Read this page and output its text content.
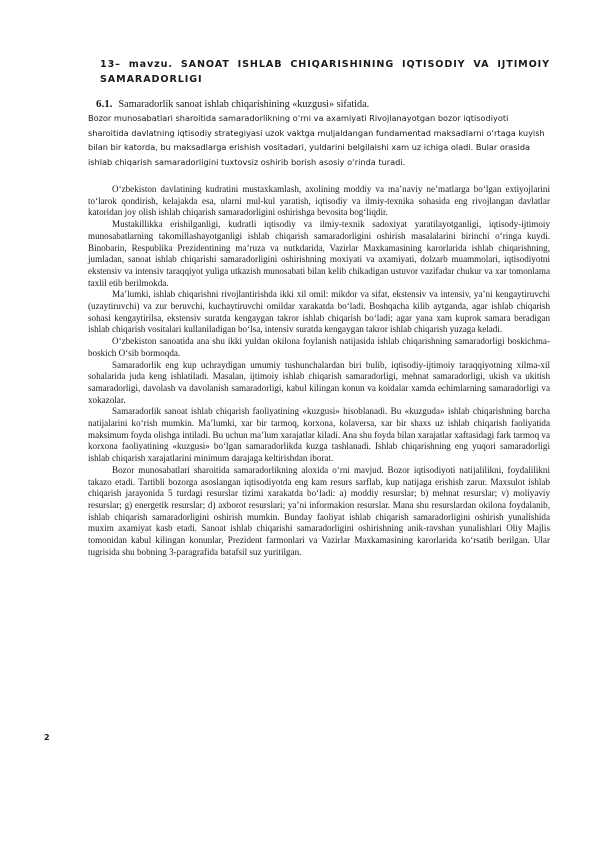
13– mavzu. SANOAT ISHLAB CHIQARISHINING IQTISODIY VA IJTIMOIY SAMARADORLIGI
6.1. Samaradorlik sanoat ishlab chiqarishining «kuzgusi» sifatida.
Bozor munosabatlari sharoitida samaradorlikning o‘rni va axamiyati Rivojlanayotgan bozor iqtisodiyoti sharoitida davlatning iqtisodiy strategiyasi uzok vaktga muljaldangan fundamentad maksadlarni o‘rtaga kuyish bilan bir katorda, bu maksadlarga erishish vositadari, yuldarini belgilaishi xam uz ichiga oladi. Bular orasida ishlab chiqarish samaradorligini tuxtovsiz oshirib borish asosiy o‘rinda turadi.

O‘zbekiston davlatining kudratini mustaxkamlash, axolining moddiy va ma’naviy ne’matlarga bo‘lgan extiyojlarini to‘larok qondirish, kelajakda esa, ularni mul-kul yaratish, iqtisodiy va ilmiy-texnika sohasida eng rivojlangan davlatlar katoridan joy olish ishlab chiqarish samaradorligini oshirishga bevosita bog‘liqdir.

Mustakillikka erishilganligi, kudratli iqtisodiy va ilmiy-texnik sadoxiyat yaratilayotganligi, iqtisody-ijtimoiy munosabatlarning takomillashayotganligi ishlab chiqarish samaradorligini oshirish masalalarini birinchi o‘ringa kuydi. Binobarin, Respublika Prezidentining ma’ruza va nutkdarida, Vazirlar Maxkamasining karorlarida ishlab chiqarishning, jumladan, sanoat ishlab chiqarishi samaradorligini oshirishning moxiyati va axamiyati, dolzarb muammolari, iqtisodiyotni ekstensiv va intensiv taraqqiyot yuliga utkazish munosabati bilan kelib chikadigan ustuvor vazifadar chukur va xar tomonlama taxlil etib berilmokda.

Ma’lumki, ishlab chiqarishni rivojlantirishda ikki xil omil: mikdor va sifat, ekstensiv va intensiv, ya’ni kengaytiruvchi (uzaytiruvchi) va zur beruvchi, kuchaytiruvchi omildar xarakatda bo‘ladi. Boshqacha kilib aytganda, agar ishlab chiqarish sohasi kengaytirilsa, ekstensiv suratda kengaygan takror ishlab chiqarish bo‘ladi; agar yana xam kuprok samara beradigan ishlab chiqarish vositalari kullaniladigan bo‘lsa, intensiv suratda kengaygan takror ishlab chiqarish yuzaga keladi.

O‘zbekiston sanoatida ana shu ikki yuldan okilona foylanish natijasida ishlab chiqarishning samaradorligi boskichma-boskich O‘sib bormoqda.

Samaradorlik eng kup uchraydigan umumiy tushunchalardan biri bulib, iqtisodiy-ijtimoiy taraqqiyotning xilma-xil sohalarida juda keng ishlatiladi. Masalan, ijtimoiy ishlab chiqarish samaradorligi, mehnat samaradorligi, ukish va ukitish samaradorligi, davolash va davolanish samaradorligi, kabul kilingan konun va koidalar xamda echimlarning samaradorligi va xokazolar.

Samaradorlik sanoat ishlab chiqarish faoliyatining «kuzgusi» hisoblanadi. Bu «kuzguda» ishlab chiqarishning barcha natijalarini ko‘rish mumkin. Ma’lumki, xar bir tarmoq, korxona, kolaversa, xar bir shaxs uz ishlab chiqarish faoliyatida maksimum foyda olishga intiladi. Bu uchun ma’lum xarajatlar kiladi. Ana shu foyda bilan xarajatlar xaftasidagi fark tarmoq va korxona faoliyatining «kuzgusi» bo‘lgan samaradorlikda kuzga tashlanadi. Ishlab chiqarishning eng yuqori samaradorligi ishlab chiqarish xarajatlarini minimum darajaga keltirishdan iborat.

Bozor munosabatlari sharoitida samaradorlikning aloxida o‘rni mavjud. Bozor iqtisodiyoti natijalilikni, foydalilikni takazo etadi. Tartibli bozorga asoslangan iqtisodiyotda eng kam resurs sarflab, kup natijaga erishish zarur. Maxsulot ishlab chiqarish jarayonida 5 turdagi resurslar tizimi xarakatda bo‘ladi: a) moddiy resurslar; b) mehnat resurslar; v) moliyaviy resurslar; g) energetik resurslar; d) axborot resurslari; ya’ni informakion resurslar. Mana shu resurslardan okilona foydalanib, ishlab chiqarish samaradorligini oshirish mumkin. Bunday faoliyat ishlab chiqarish samaradorligini oshirish yunalishida muxim axamiyat kasb etadi. Sanoat ishlab chiqarishi samaradorligini oshirishning anik-ravshan yunalishlari Oliy Majlis tomonidan kabul kilingan konunlar, Prezident farmonlari va Vazirlar Maxkamasining karorlarida ko‘rsatib berilgan. Ular tugrisida shu bobning 3-paragrafida batafsil suz yuritilgan.

2
